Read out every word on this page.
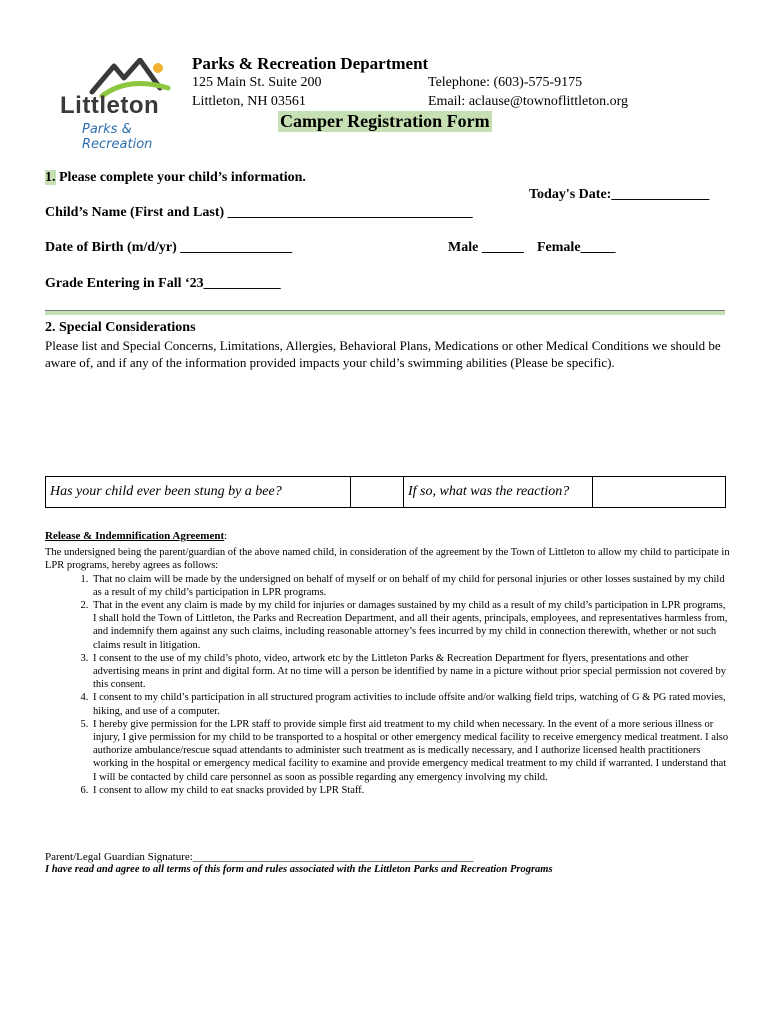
Littleton
Parks &
Recreation
Parks & Recreation Department
125 Main St. Suite 200
Littleton, NH 03561
Telephone: (603)-575-9175
Email: aclause@townoflittleton.org
Camper Registration Form
1. Please complete your child’s information.
Today's Date:______________
Child’s Name (First and Last) ___________________________________
Date of Birth (m/d/yr) ________________	Male ______ Female_____
Grade Entering in Fall ‘23___________
2. Special Considerations
Please list and Special Concerns, Limitations, Allergies, Behavioral Plans, Medications or other Medical Conditions we should be aware of, and if any of the information provided impacts your child’s swimming abilities (Please be specific).
Has your child ever been stung by a bee?		If so, what was the reaction?	
Release & Indemnification Agreement:
The undersigned being the parent/guardian of the above named child, in consideration of the agreement by the Town of Littleton to allow my child to participate in LPR programs, hereby agrees as follows:
1. That no claim will be made by the undersigned on behalf of myself or on behalf of my child for personal injuries or other losses sustained by my child as a result of my child’s participation in LPR programs.
2. That in the event any claim is made by my child for injuries or damages sustained by my child as a result of my child’s participation in LPR programs, I shall hold the Town of Littleton, the Parks and Recreation Department, and all their agents, principals, employees, and representatives harmless from, and indemnify them against any such claims, including reasonable attorney’s fees incurred by my child in connection therewith, whether or not such claims result in litigation.
3. I consent to the use of my child’s photo, video, artwork etc by the Littleton Parks & Recreation Department for flyers, presentations and other advertising means in print and digital form. At no time will a person be identified by name in a picture without prior special permission not covered by this consent.
4. I consent to my child’s participation in all structured program activities to include offsite and/or walking field trips, watching of G & PG rated movies, hiking, and use of a computer.
5. I hereby give permission for the LPR staff to provide simple first aid treatment to my child when necessary. In the event of a more serious illness or injury, I give permission for my child to be transported to a hospital or other emergency medical facility to receive emergency medical treatment. I also authorize ambulance/rescue squad attendants to administer such treatment as is medically necessary, and I authorize licensed health practitioners working in the hospital or emergency medical facility to examine and provide emergency medical treatment to my child if warranted. I understand that I will be contacted by child care personnel as soon as possible regarding any emergency involving my child.
6. I consent to allow my child to eat snacks provided by LPR Staff.
Parent/Legal Guardian Signature:___________________________________________________
I have read and agree to all terms of this form and rules associated with the Littleton Parks and Recreation Programs
